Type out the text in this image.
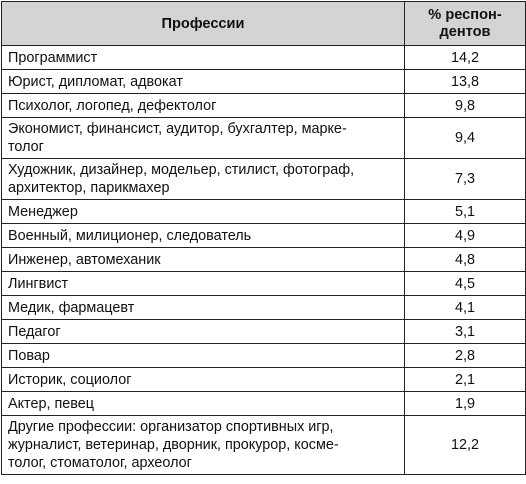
Профессии	% респон-
дентов
Программист	14,2
Юрист, дипломат, адвокат	13,8
Психолог, логопед, дефектолог	9,8
Экономист, финансист, аудитор, бухгалтер, марке-
толог	9,4
Художник, дизайнер, модельер, стилист, фотограф,
архитектор, парикмахер	7,3
Менеджер	5,1
Военный, милиционер, следователь	4,9
Инженер, автомеханик	4,8
Лингвист	4,5
Медик, фармацевт	4,1
Педагог	3,1
Повар	2,8
Историк, социолог	2,1
Актер, певец	1,9
Другие профессии: организатор спортивных игр,
журналист, ветеринар, дворник, прокурор, косме-
толог, стоматолог, археолог	12,2
